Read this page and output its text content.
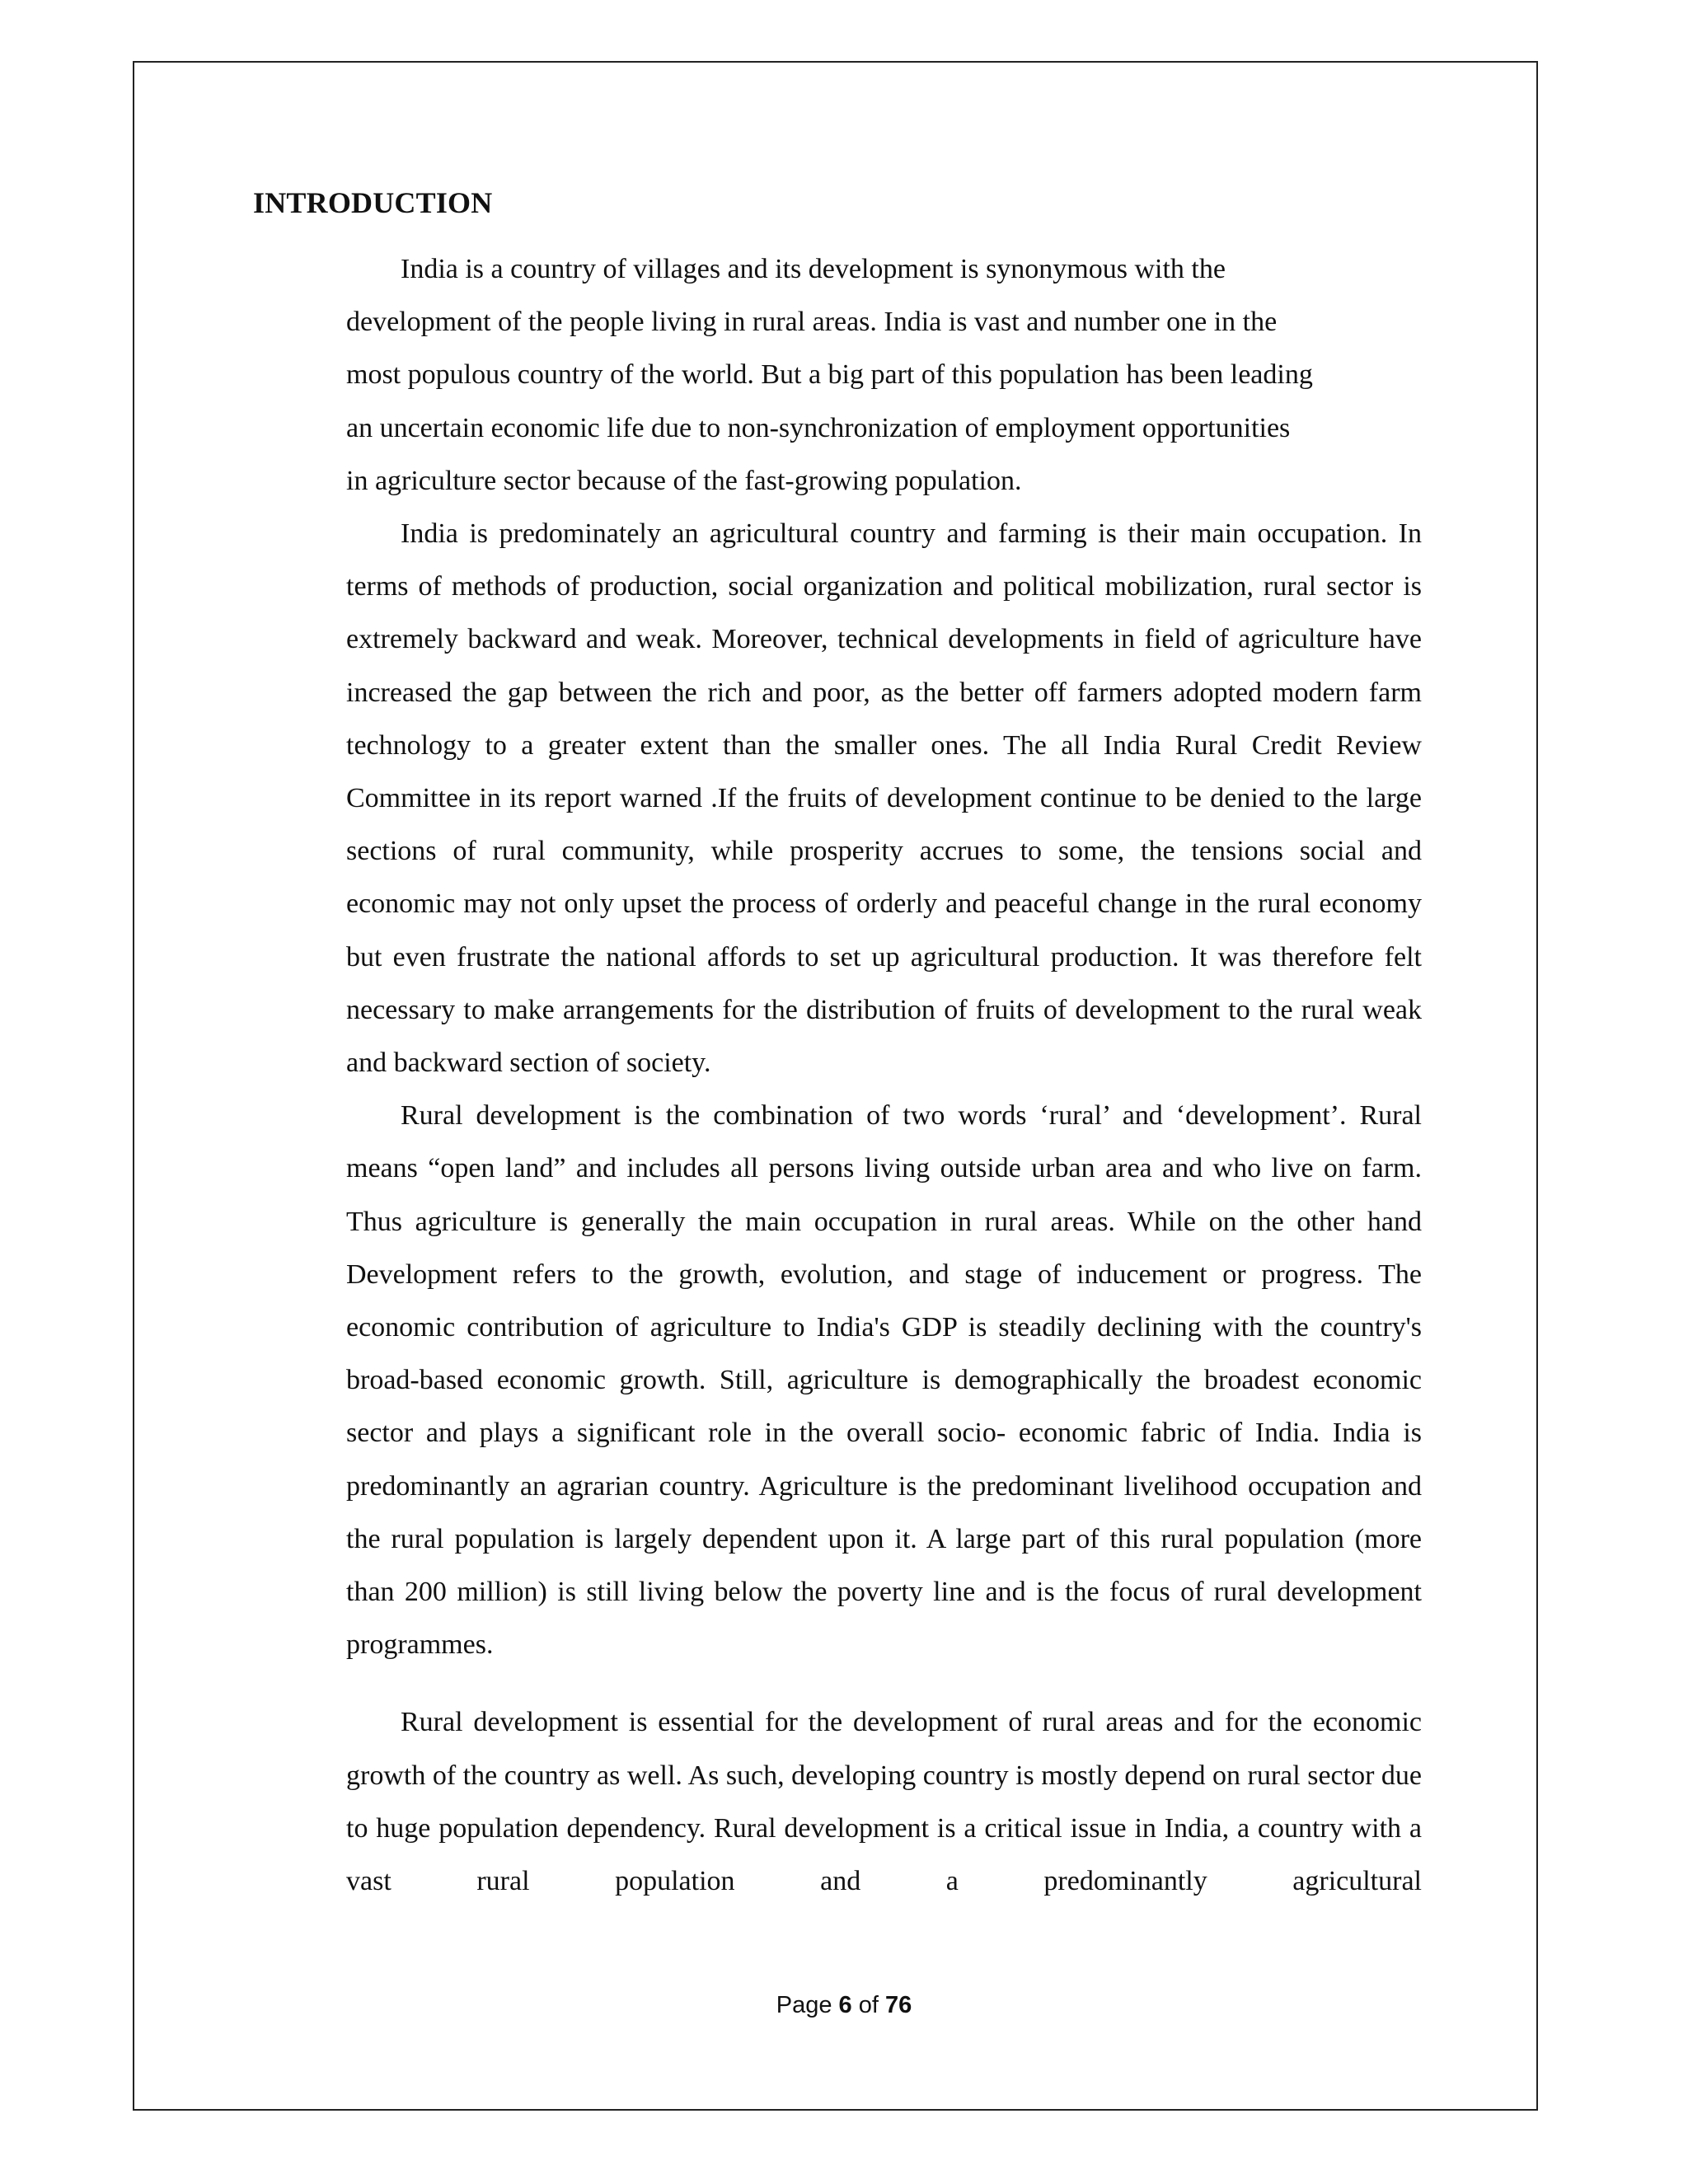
INTRODUCTION

India is a country of villages and its development is synonymous with the
development of the people living in rural areas. India is vast and number one in the
most populous country of the world. But a big part of this population has been leading
an uncertain economic life due to non-synchronization of employment opportunities
in agriculture sector because of the fast-growing population.

India is predominately an agricultural country and farming is their main occupation. In terms of methods of production, social organization and political mobilization, rural sector is extremely backward and weak. Moreover, technical developments in field of agriculture have increased the gap between the rich and poor, as the better off farmers adopted modern farm technology to a greater extent than the smaller ones. The all India Rural Credit Review Committee in its report warned .If the fruits of development continue to be denied to the large sections of rural community, while prosperity accrues to some, the tensions social and economic may not only upset the process of orderly and peaceful change in the rural economy but even frustrate the national affords to set up agricultural production. It was therefore felt necessary to make arrangements for the distribution of fruits of development to the rural weak and backward section of society.

Rural development is the combination of two words ‘rural’ and ‘development’. Rural means “open land” and includes all persons living outside urban area and who live on farm. Thus agriculture is generally the main occupation in rural areas. While on the other hand Development refers to the growth, evolution, and stage of inducement or progress. The economic contribution of agriculture to India's GDP is steadily declining with the country's broad-based economic growth. Still, agriculture is demographically the broadest economic sector and plays a significant role in the overall socio- economic fabric of India. India is predominantly an agrarian country. Agriculture is the predominant livelihood occupation and the rural population is largely dependent upon it. A large part of this rural population (more than 200 million) is still living below the poverty line and is the focus of rural development programmes.

Rural development is essential for the development of rural areas and for the economic growth of the country as well. As such, developing country is mostly depend on rural sector due to huge population dependency. Rural development is a critical issue in India, a country with a vast rural population and a predominantly agricultural

Page 6 of 76
